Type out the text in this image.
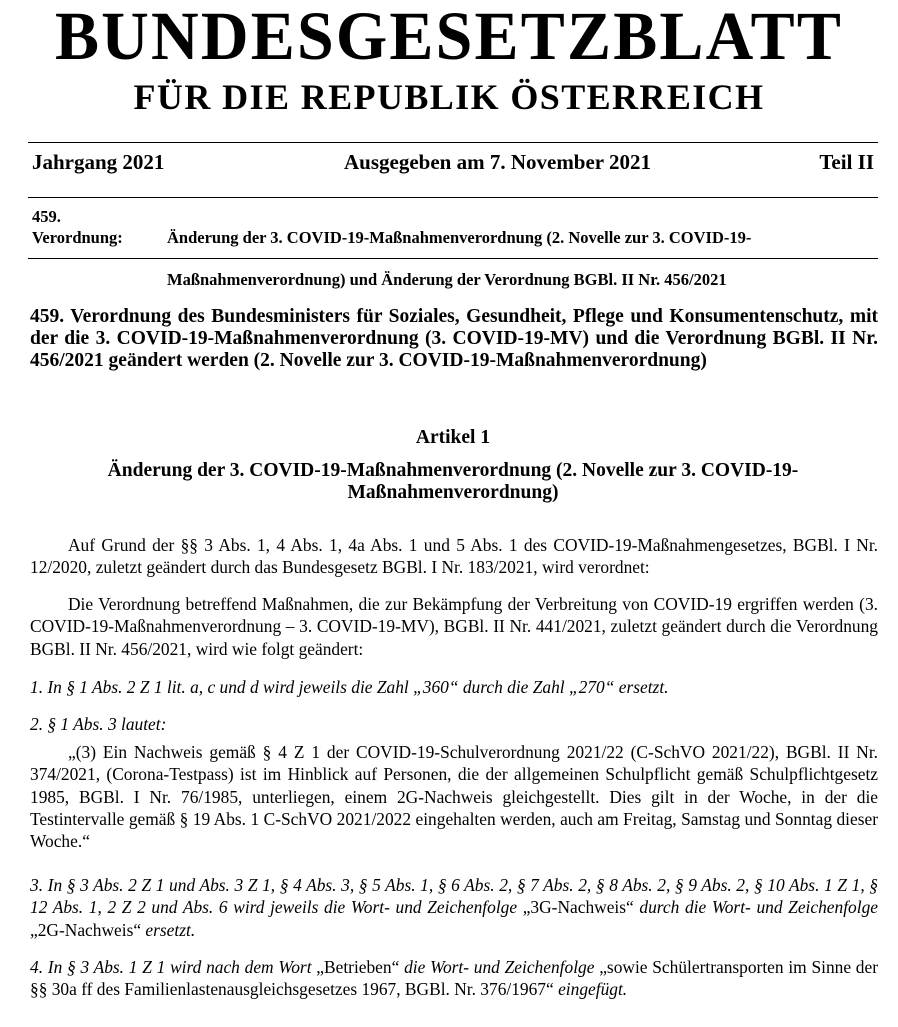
BUNDESGESETZBLATT
FÜR DIE REPUBLIK ÖSTERREICH
Jahrgang 2021	Ausgegeben am 7. November 2021	Teil II
459.
Verordnung:	Änderung der 3. COVID-19-Maßnahmenverordnung (2. Novelle zur 3. COVID-19-

Maßnahmenverordnung) und Änderung der Verordnung BGBl. II Nr. 456/2021

459. Verordnung des Bundesministers für Soziales, Gesundheit, Pflege und Konsumentenschutz, mit der die 3. COVID-19-Maßnahmenverordnung (3. COVID-19-MV) und die Verordnung BGBl. II Nr. 456/2021 geändert werden (2. Novelle zur 3. COVID-19-Maßnahmenverordnung)
Artikel 1
Änderung der 3. COVID-19-Maßnahmenverordnung (2. Novelle zur 3. COVID-19-
Maßnahmenverordnung)
Auf Grund der §§ 3 Abs. 1, 4 Abs. 1, 4a Abs. 1 und 5 Abs. 1 des COVID-19-Maßnahmengesetzes, BGBl. I Nr. 12/2020, zuletzt geändert durch das Bundesgesetz BGBl. I Nr. 183/2021, wird verordnet:
Die Verordnung betreffend Maßnahmen, die zur Bekämpfung der Verbreitung von COVID-19 ergriffen werden (3. COVID-19-Maßnahmenverordnung – 3. COVID-19-MV), BGBl. II Nr. 441/2021, zuletzt geändert durch die Verordnung BGBl. II Nr. 456/2021, wird wie folgt geändert:
1. In § 1 Abs. 2 Z 1 lit. a, c und d wird jeweils die Zahl „360“ durch die Zahl „270“ ersetzt.
2. § 1 Abs. 3 lautet:
„(3) Ein Nachweis gemäß § 4 Z 1 der COVID-19-Schulverordnung 2021/22 (C-SchVO 2021/22), BGBl. II Nr. 374/2021, (Corona-Testpass) ist im Hinblick auf Personen, die der allgemeinen Schulpflicht gemäß Schulpflichtgesetz 1985, BGBl. I Nr. 76/1985, unterliegen, einem 2G-Nachweis gleichgestellt. Dies gilt in der Woche, in der die Testintervalle gemäß § 19 Abs. 1 C-SchVO 2021/2022 eingehalten werden, auch am Freitag, Samstag und Sonntag dieser Woche.“
3. In § 3 Abs. 2 Z 1 und Abs. 3 Z 1, § 4 Abs. 3, § 5 Abs. 1, § 6 Abs. 2, § 7 Abs. 2, § 8 Abs. 2, § 9 Abs. 2, § 10 Abs. 1 Z 1, § 12 Abs. 1, 2 Z 2 und Abs. 6 wird jeweils die Wort- und Zeichenfolge „3G-Nachweis“ durch die Wort- und Zeichenfolge „2G-Nachweis“ ersetzt.
4. In § 3 Abs. 1 Z 1 wird nach dem Wort „Betrieben“ die Wort- und Zeichenfolge „sowie Schülertransporten im Sinne der §§ 30a ff des Familienlastenausgleichsgesetzes 1967, BGBl. Nr. 376/1967“ eingefügt.
